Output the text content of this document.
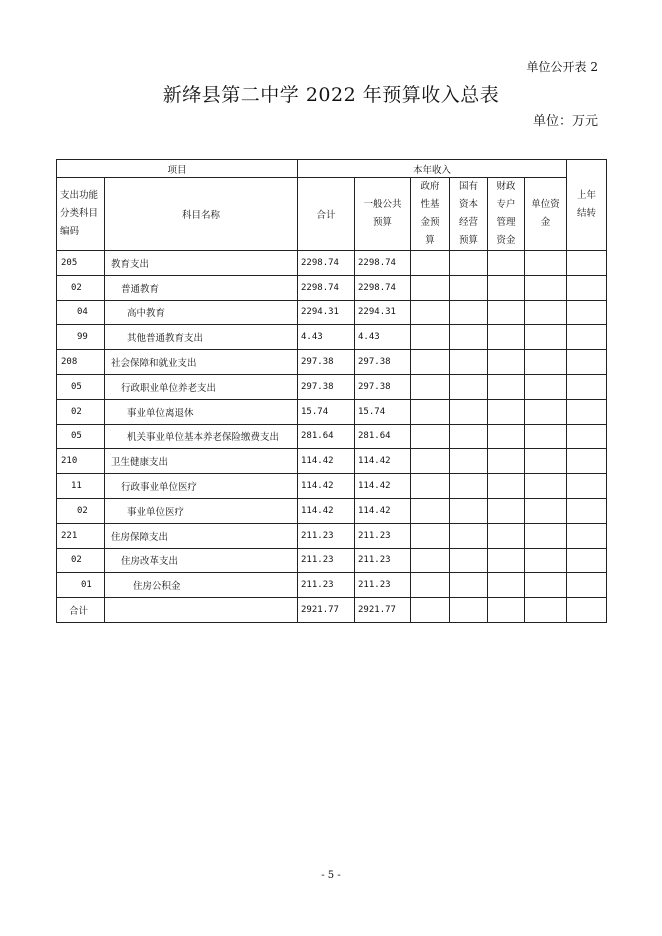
单位公开表 2
新绛县第二中学 2022 年预算收入总表
单位：万元
项目		本年收入						上年结转
支出功能分类科目编码	科目名称	合计	一般公共预算	政府性基金预算	国有资本经营预算	财政专户管理资金	单位资金	
205	教育支出	2298.74	2298.74					
02	普通教育	2298.74	2298.74					
04	高中教育	2294.31	2294.31					
99	其他普通教育支出	4.43	4.43					
208	社会保障和就业支出	297.38	297.38					
05	行政职业单位养老支出	297.38	297.38					
02	事业单位离退休	15.74	15.74					
05	机关事业单位基本养老保险缴费支出	281.64	281.64					
210	卫生健康支出	114.42	114.42					
11	行政事业单位医疗	114.42	114.42					
02	事业单位医疗	114.42	114.42					
221	住房保障支出	211.23	211.23					
02	住房改革支出	211.23	211.23					
01	住房公积金	211.23	211.23					
合计		2921.77	2921.77					
- 5 -
